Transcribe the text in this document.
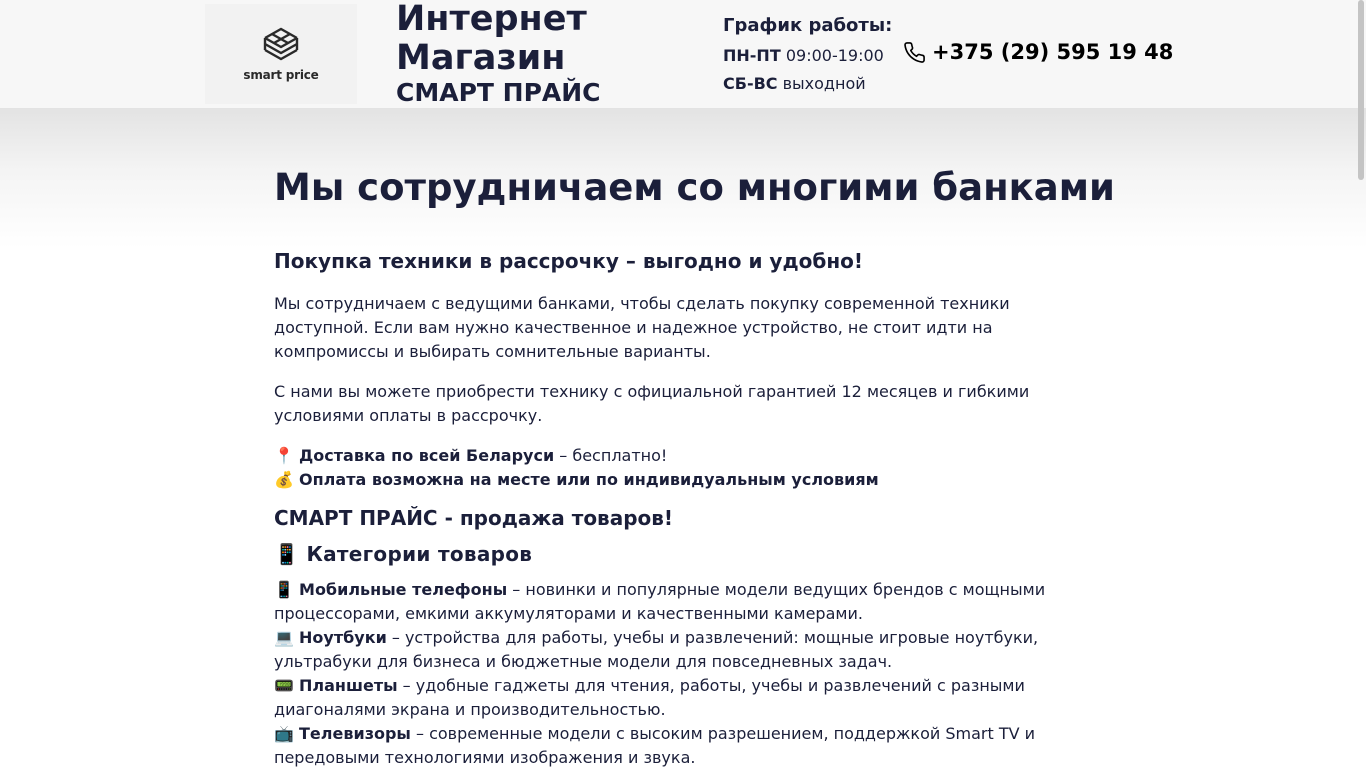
smart price
Интернет
Магазин
СМАРТ ПРАЙС
График работы:
ПН-ПТ 09:00-19:00
СБ-ВС выходной
+375 (29) 595 19 48
Мы сотрудничаем со многими банками
Покупка техники в рассрочку – выгодно и удобно!

Мы сотрудничаем с ведущими банками, чтобы сделать покупку современной техники доступной. Если вам нужно качественное и надежное устройство, не стоит идти на компромиссы и выбирать сомнительные варианты.

С нами вы можете приобрести технику с официальной гарантией 12 месяцев и гибкими условиями оплаты в рассрочку.

📍 Доставка по всей Беларуси – бесплатно!
💰 Оплата возможна на месте или по индивидуальным условиям
СМАРТ ПРАЙС - продажа товаров!
📱 Категории товаров
📱 Мобильные телефоны – новинки и популярные модели ведущих брендов с мощными процессорами, емкими аккумуляторами и качественными камерами.
💻 Ноутбуки – устройства для работы, учебы и развлечений: мощные игровые ноутбуки, ультрабуки для бизнеса и бюджетные модели для повседневных задач.
📟 Планшеты – удобные гаджеты для чтения, работы, учебы и развлечений с разными диагоналями экрана и производительностью.
📺 Телевизоры – современные модели с высоким разрешением, поддержкой Smart TV и передовыми технологиями изображения и звука.
